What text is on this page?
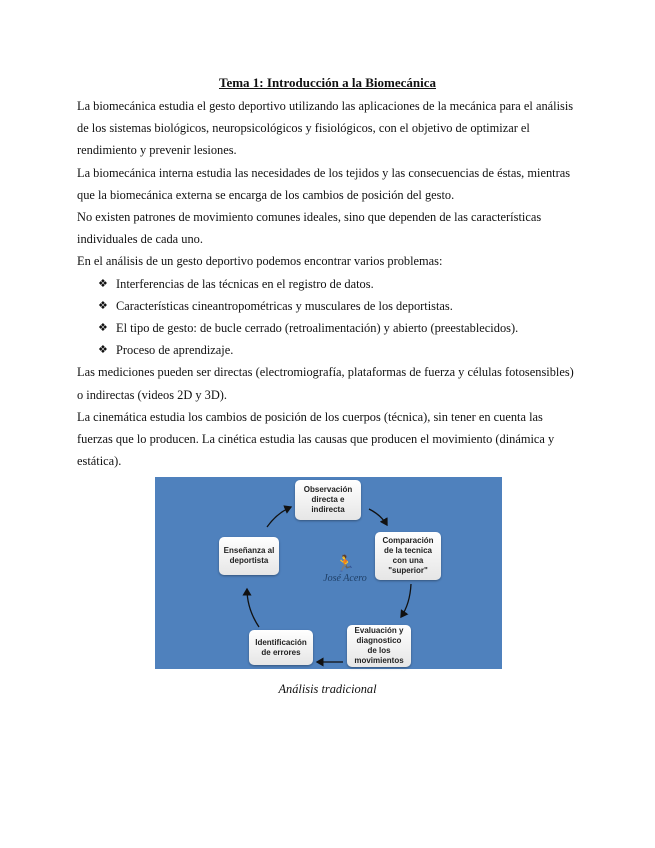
Tema 1: Introducción a la Biomecánica

La biomecánica estudia el gesto deportivo utilizando las aplicaciones de la mecánica para el análisis de los sistemas biológicos, neuropsicológicos y fisiológicos, con el objetivo de optimizar el rendimiento y prevenir lesiones.

La biomecánica interna estudia las necesidades de los tejidos y las consecuencias de éstas, mientras que la biomecánica externa se encarga de los cambios de posición del gesto.

No existen patrones de movimiento comunes ideales, sino que dependen de las características individuales de cada uno.

En el análisis de un gesto deportivo podemos encontrar varios problemas:

❖ Interferencias de las técnicas en el registro de datos.
❖ Características cineantropométricas y musculares de los deportistas.
❖ El tipo de gesto: de bucle cerrado (retroalimentación) y abierto (preestablecidos).
❖ Proceso de aprendizaje.

Las mediciones pueden ser directas (electromiografía, plataformas de fuerza y células fotosensibles) o indirectas (videos 2D y 3D).

La cinemática estudia los cambios de posición de los cuerpos (técnica), sin tener en cuenta las fuerzas que lo producen. La cinética estudia las causas que producen el movimiento (dinámica y estática).

Observación
directa e
indirecta
Comparación
de la tecnica
con una
"superior"
Evaluación y
diagnostico
de los
movimientos
Identificación
de errores
Enseñanza al
deportista	🏃
José Acero
Análisis tradicional
